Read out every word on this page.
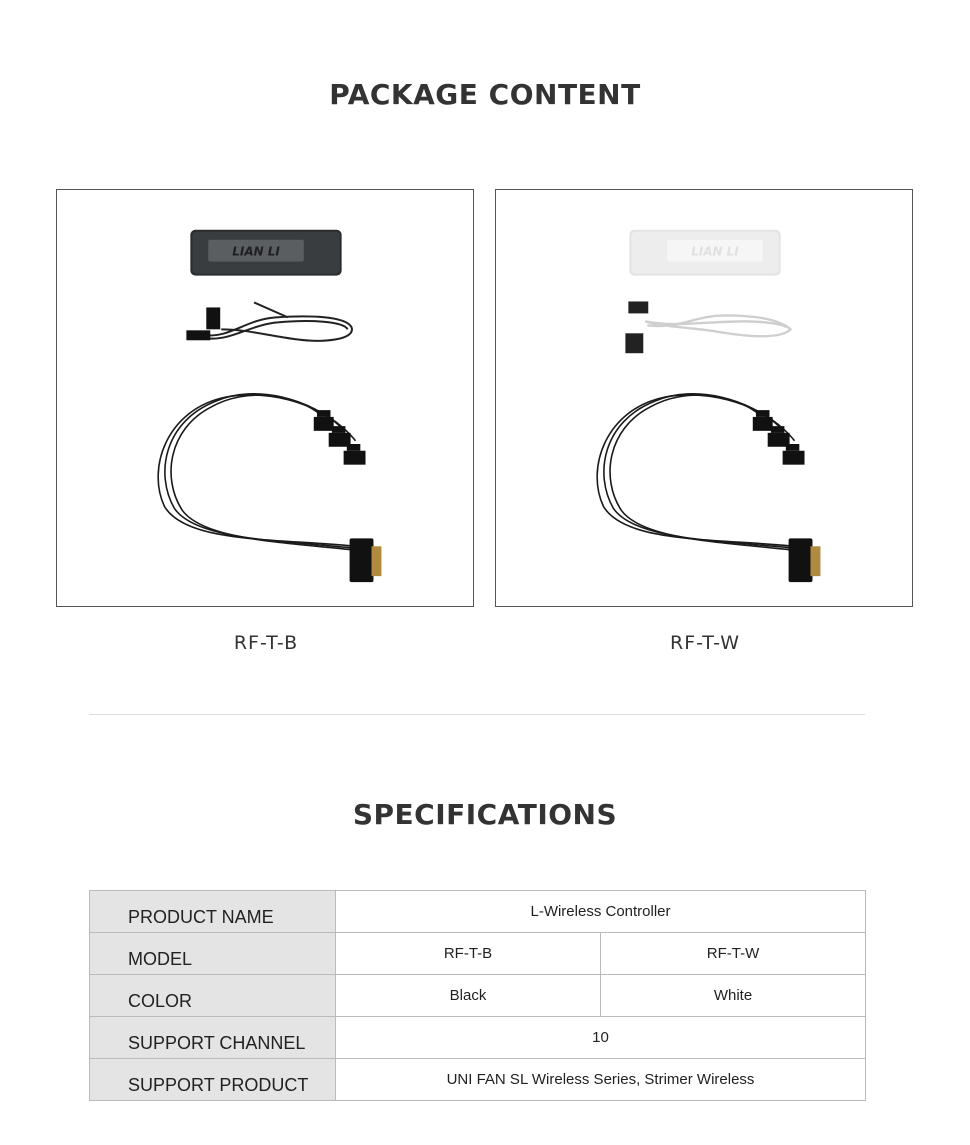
PACKAGE CONTENT
LIAN LI	LIAN LI
RF-T-B	RF-T-W
SPECIFICATIONS
PRODUCT NAME	L-Wireless Controller	
MODEL	RF-T-B	RF-T-W
COLOR	Black	White
SUPPORT CHANNEL	10	
SUPPORT PRODUCT	UNI FAN SL Wireless Series, Strimer Wireless	
